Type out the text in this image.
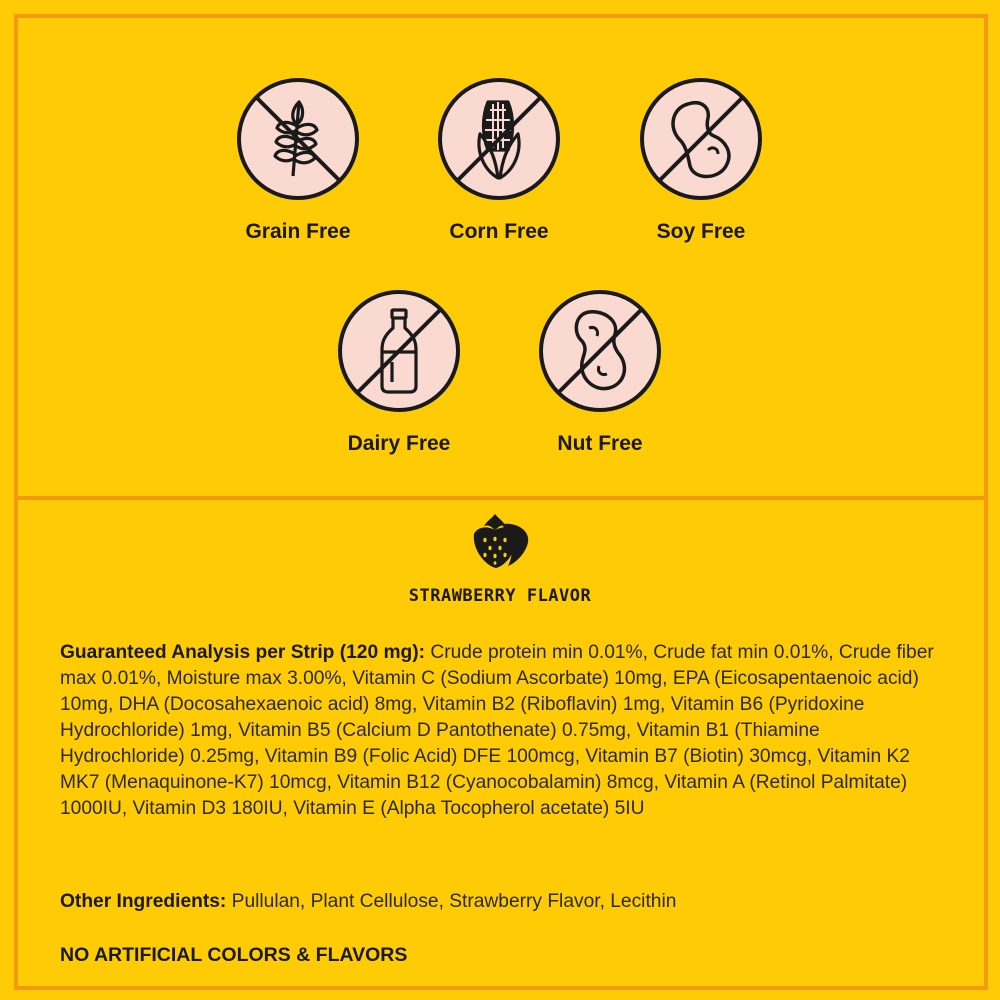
Grain Free	Corn Free	Soy Free
Dairy Free	Nut Free
STRAWBERRY FLAVOR
Guaranteed Analysis per Strip (120 mg): Crude protein min 0.01%, Crude fat min 0.01%, Crude fiber max 0.01%, Moisture max 3.00%, Vitamin C (Sodium Ascorbate) 10mg, EPA (Eicosapentaenoic acid) 10mg, DHA (Docosahexaenoic acid) 8mg, Vitamin B2 (Riboflavin) 1mg, Vitamin B6 (Pyridoxine Hydrochloride) 1mg, Vitamin B5 (Calcium D Pantothenate) 0.75mg, Vitamin B1 (Thiamine Hydrochloride) 0.25mg, Vitamin B9 (Folic Acid) DFE 100mcg, Vitamin B7 (Biotin) 30mcg, Vitamin K2 MK7 (Menaquinone-K7) 10mcg, Vitamin B12 (Cyanocobalamin) 8mcg, Vitamin A (Retinol Palmitate) 1000IU, Vitamin D3 180IU, Vitamin E (Alpha Tocopherol acetate) 5IU
Other Ingredients: Pullulan, Plant Cellulose, Strawberry Flavor, Lecithin
NO ARTIFICIAL COLORS & FLAVORS
